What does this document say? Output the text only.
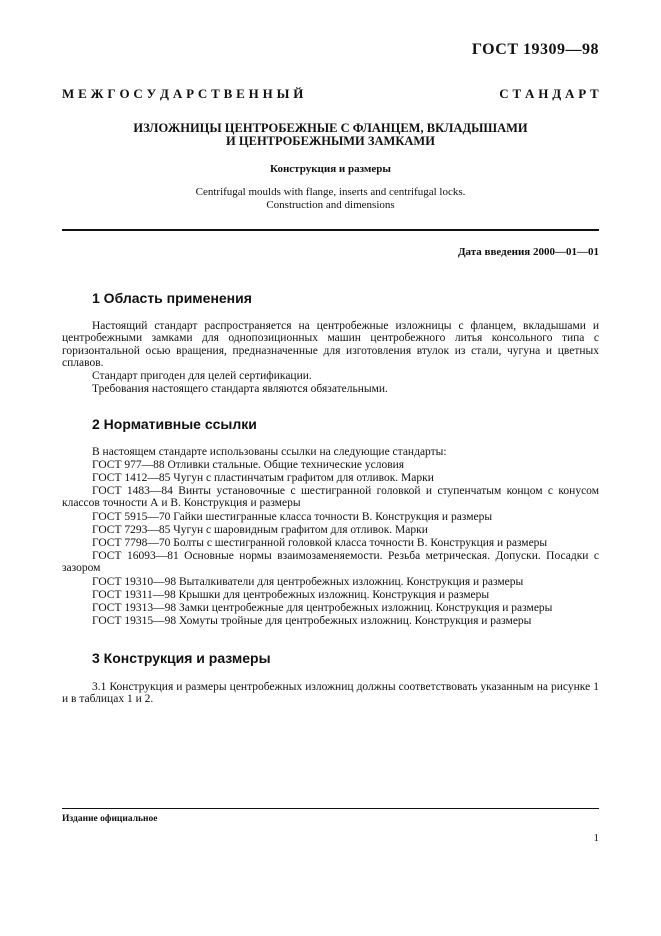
ГОСТ 19309—98
М Е Ж Г О С У Д А Р С Т В Е Н Н Ы Й	С Т А Н Д А Р Т
ИЗЛОЖНИЦЫ ЦЕНТРОБЕЖНЫЕ С ФЛАНЦЕМ, ВКЛАДЫШАМИ
И ЦЕНТРОБЕЖНЫМИ ЗАМКАМИ
Конструкция и размеры
Centrifugal moulds with flange, inserts and centrifugal locks.
Construction and dimensions
Дата введения 2000—01—01
1 Область применения

Настоящий стандарт распространяется на центробежные изложницы с фланцем, вкладышами и центробежными замками для однопозиционных машин центробежного литья консольного типа с горизонтальной осью вращения, предназначенные для изготовления втулок из стали, чугуна и цветных сплавов.

Стандарт пригоден для целей сертификации.
Требования настоящего стандарта являются обязательными.
2 Нормативные ссылки
В настоящем стандарте использованы ссылки на следующие стандарты:
ГОСТ 977—88 Отливки стальные. Общие технические условия
ГОСТ 1412—85 Чугун с пластинчатым графитом для отливок. Марки

ГОСТ 1483—84 Винты установочные с шестигранной головкой и ступенчатым концом с конусом классов точности А и В. Конструкция и размеры

ГОСТ 5915—70 Гайки шестигранные класса точности В. Конструкция и размеры
ГОСТ 7293—85 Чугун с шаровидным графитом для отливок. Марки
ГОСТ 7798—70 Болты с шестигранной головкой класса точности В. Конструкция и размеры

ГОСТ 16093—81 Основные нормы взаимозаменяемости. Резьба метрическая. Допуски. Посадки с зазором

ГОСТ 19310—98 Выталкиватели для центробежных изложниц. Конструкция и размеры
ГОСТ 19311—98 Крышки для центробежных изложниц. Конструкция и размеры
ГОСТ 19313—98 Замки центробежные для центробежных изложниц. Конструкция и размеры
ГОСТ 19315—98 Хомуты тройные для центробежных изложниц. Конструкция и размеры
3 Конструкция и размеры

3.1 Конструкция и размеры центробежных изложниц должны соответствовать указанным на рисунке 1 и в таблицах 1 и 2.

Издание официальное
1
